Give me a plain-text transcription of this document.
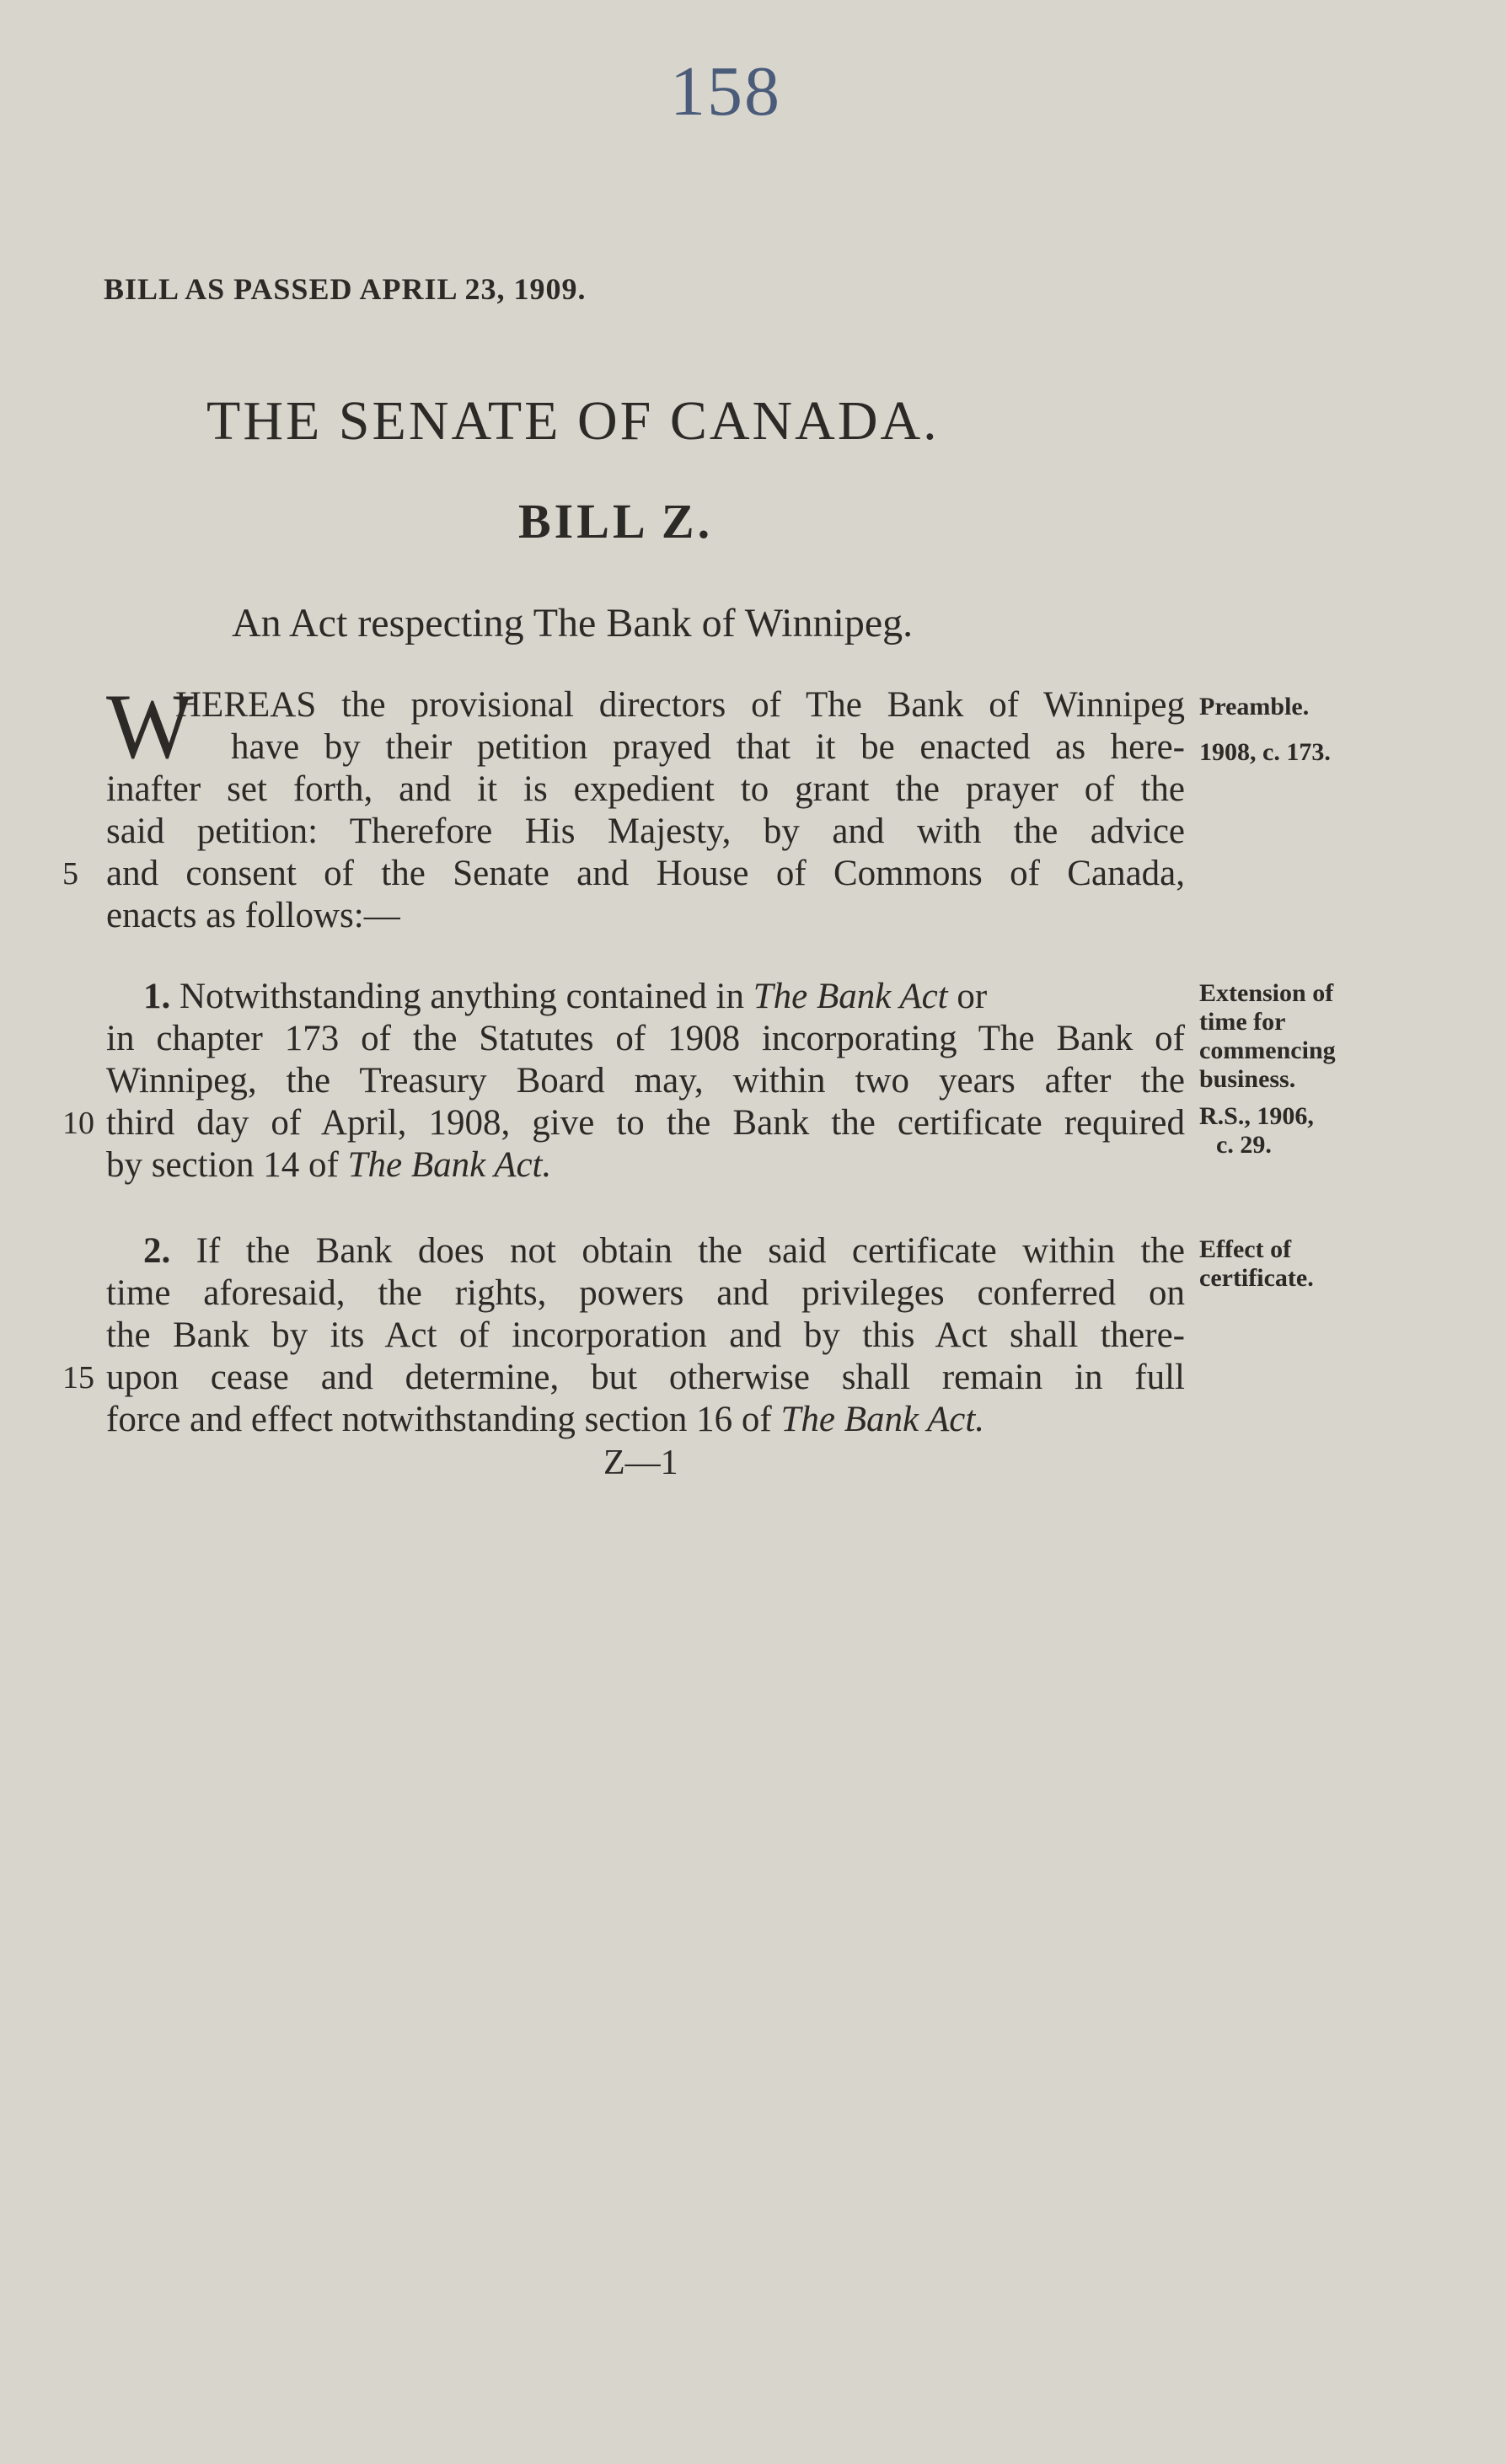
158
BILL AS PASSED APRIL 23, 1909.
THE SENATE OF CANADA.
BILL Z.
An Act respecting The Bank of Winnipeg.
W
HEREAS the provisional directors of The Bank of Winnipeg
have by their petition prayed that it be enacted as here-
inafter set forth, and it is expedient to grant the prayer of the
said petition: Therefore His Majesty, by and with the advice
5 and consent of the Senate and House of Commons of Canada,
enacts as follows:—
Preamble.
1908, c. 173.
1. Notwithstanding anything contained in The Bank Act or
in chapter 173 of the Statutes of 1908 incorporating The Bank of
Winnipeg, the Treasury Board may, within two years after the
10 third day of April, 1908, give to the Bank the certificate required
by section 14 of The Bank Act.
Extension of
time for
commencing
business.
R.S., 1906,
c. 29.
2. If the Bank does not obtain the said certificate within the
time aforesaid, the rights, powers and privileges conferred on
the Bank by its Act of incorporation and by this Act shall there-
15 upon cease and determine, but otherwise shall remain in full
force and effect notwithstanding section 16 of The Bank Act.
Effect of
certificate.
Z—1
